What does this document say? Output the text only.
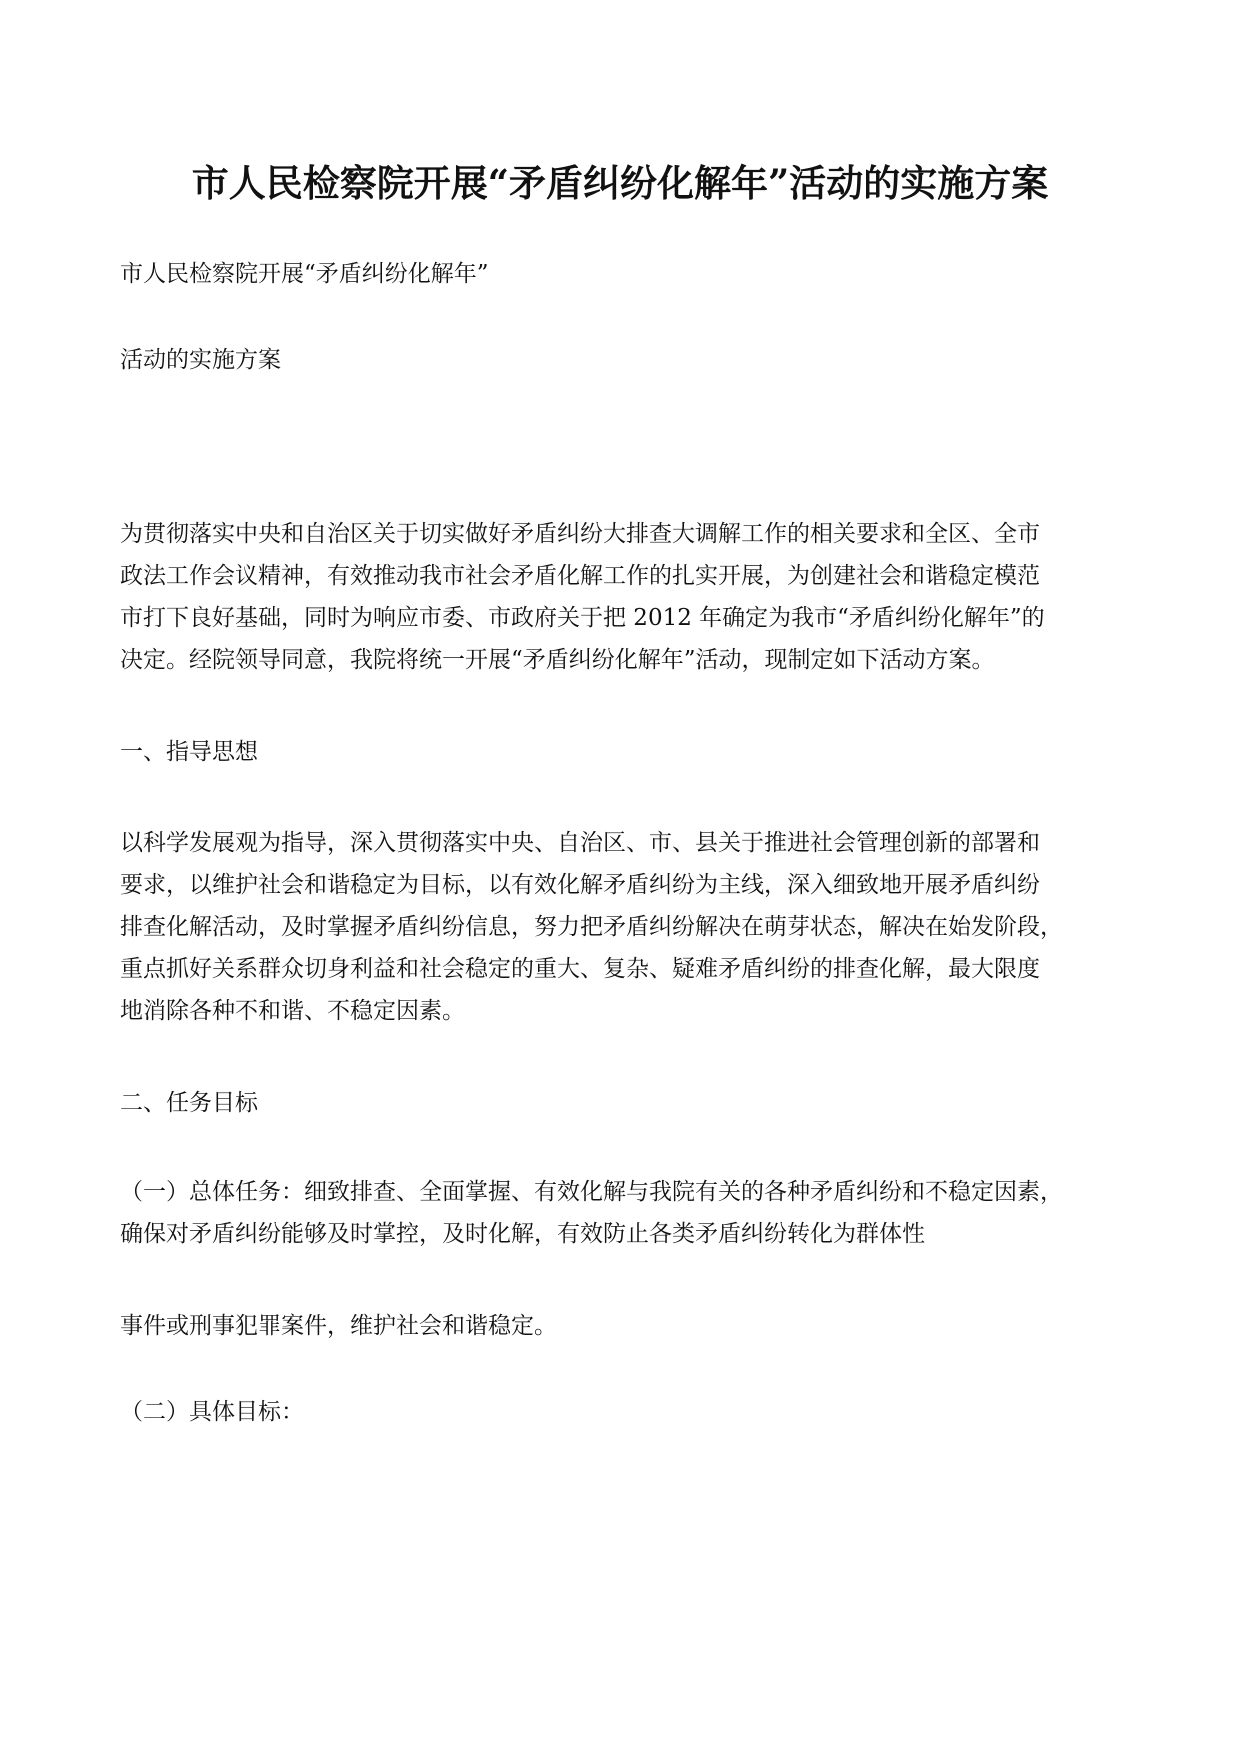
市人民检察院开展“矛盾纠纷化解年”活动的实施方案

市人民检察院开展“矛盾纠纷化解年”

活动的实施方案

为贯彻落实中央和自治区关于切实做好矛盾纠纷大排查大调解工作的相关要求和全区、全市
政法工作会议精神，有效推动我市社会矛盾化解工作的扎实开展，为创建社会和谐稳定模范
市打下良好基础，同时为响应市委、市政府关于把 2012 年确定为我市“矛盾纠纷化解年”的
决定。经院领导同意，我院将统一开展“矛盾纠纷化解年”活动，现制定如下活动方案。

一、指导思想

以科学发展观为指导，深入贯彻落实中央、自治区、市、县关于推进社会管理创新的部署和
要求，以维护社会和谐稳定为目标，以有效化解矛盾纠纷为主线，深入细致地开展矛盾纠纷
排查化解活动，及时掌握矛盾纠纷信息，努力把矛盾纠纷解决在萌芽状态，解决在始发阶段，
重点抓好关系群众切身利益和社会稳定的重大、复杂、疑难矛盾纠纷的排查化解，最大限度
地消除各种不和谐、不稳定因素。

二、任务目标

（一）总体任务：细致排查、全面掌握、有效化解与我院有关的各种矛盾纠纷和不稳定因素，
确保对矛盾纠纷能够及时掌控，及时化解，有效防止各类矛盾纠纷转化为群体性

事件或刑事犯罪案件，维护社会和谐稳定。

（二）具体目标：
